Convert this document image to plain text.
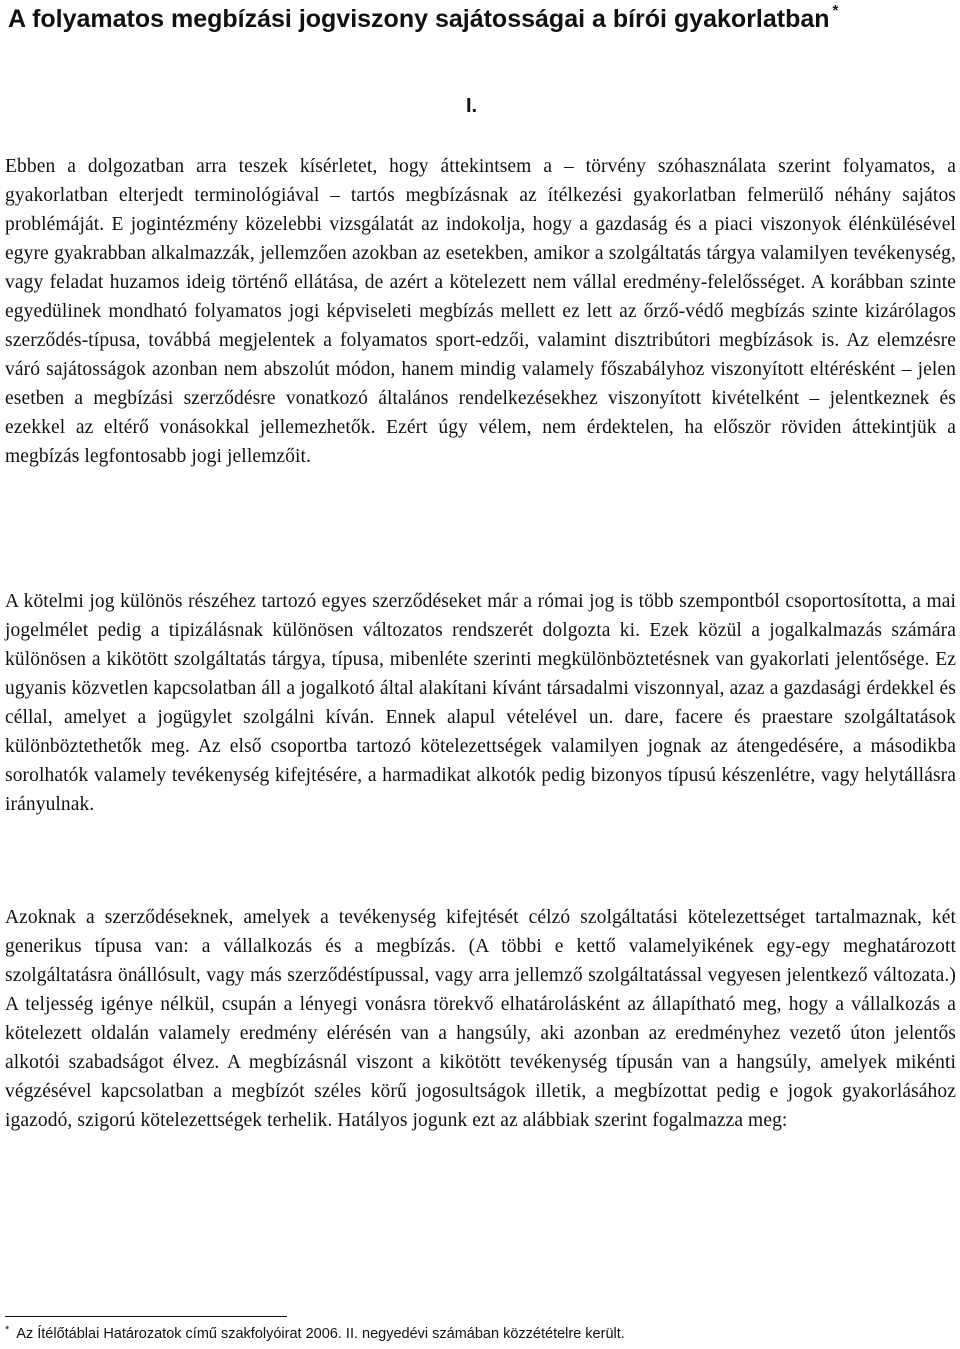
A folyamatos megbízási jogviszony sajátosságai a bírói gyakorlatban *

I.

Ebben a dolgozatban arra teszek kísérletet, hogy áttekintsem a – törvény szóhasználata szerint folyamatos, a gyakorlatban elterjedt terminológiával – tartós megbízásnak az ítélkezési gyakorlatban felmerülő néhány sajátos problémáját. E jogintézmény közelebbi vizsgálatát az indokolja, hogy a gazdaság és a piaci viszonyok élénkülésével egyre gyakrabban alkalmazzák, jellemzően azokban az esetekben, amikor a szolgáltatás tárgya valamilyen tevékenység, vagy feladat huzamos ideig történő ellátása, de azért a kötelezett nem vállal eredmény-felelősséget. A korábban szinte egyedülinek mondható folyamatos jogi képviseleti megbízás mellett ez lett az őrző-védő megbízás szinte kizárólagos szerződés-típusa, továbbá megjelentek a folyamatos sport-edzői, valamint disztribútori megbízások is. Az elemzésre váró sajátosságok azonban nem abszolút módon, hanem mindig valamely főszabályhoz viszonyított eltérésként – jelen esetben a megbízási szerződésre vonatkozó általános rendelkezésekhez viszonyított kivételként – jelentkeznek és ezekkel az eltérő vonásokkal jellemezhetők. Ezért úgy vélem, nem érdektelen, ha először röviden áttekintjük a megbízás legfontosabb jogi jellemzőit.

A kötelmi jog különös részéhez tartozó egyes szerződéseket már a római jog is több szempontból csoportosította, a mai jogelmélet pedig a tipizálásnak különösen változatos rendszerét dolgozta ki. Ezek közül a jogalkalmazás számára különösen a kikötött szolgáltatás tárgya, típusa, mibenléte szerinti megkülönböztetésnek van gyakorlati jelentősége. Ez ugyanis közvetlen kapcsolatban áll a jogalkotó által alakítani kívánt társadalmi viszonnyal, azaz a gazdasági érdekkel és céllal, amelyet a jogügylet szolgálni kíván. Ennek alapul vételével un. dare, facere és praestare szolgáltatások különböztethetők meg. Az első csoportba tartozó kötelezettségek valamilyen jognak az átengedésére, a másodikba sorolhatók valamely tevékenység kifejtésére, a harmadikat alkotók pedig bizonyos típusú készenlétre, vagy helytállásra irányulnak.

Azoknak a szerződéseknek, amelyek a tevékenység kifejtését célzó szolgáltatási kötelezettséget tartalmaznak, két generikus típusa van: a vállalkozás és a megbízás. (A többi e kettő valamelyikének egy-egy meghatározott szolgáltatásra önállósult, vagy más szerződéstípussal, vagy arra jellemző szolgáltatással vegyesen jelentkező változata.) A teljesség igénye nélkül, csupán a lényegi vonásra törekvő elhatárolásként az állapítható meg, hogy a vállalkozás a kötelezett oldalán valamely eredmény elérésén van a hangsúly, aki azonban az eredményhez vezető úton jelentős alkotói szabadságot élvez. A megbízásnál viszont a kikötött tevékenység típusán van a hangsúly, amelyek mikénti végzésével kapcsolatban a megbízót széles körű jogosultságok illetik, a megbízottat pedig e jogok gyakorlásához igazodó, szigorú kötelezettségek terhelik. Hatályos jogunk ezt az alábbiak szerint fogalmazza meg:

* Az Ítélőtáblai Határozatok című szakfolyóirat 2006. II. negyedévi számában közzétételre került.
